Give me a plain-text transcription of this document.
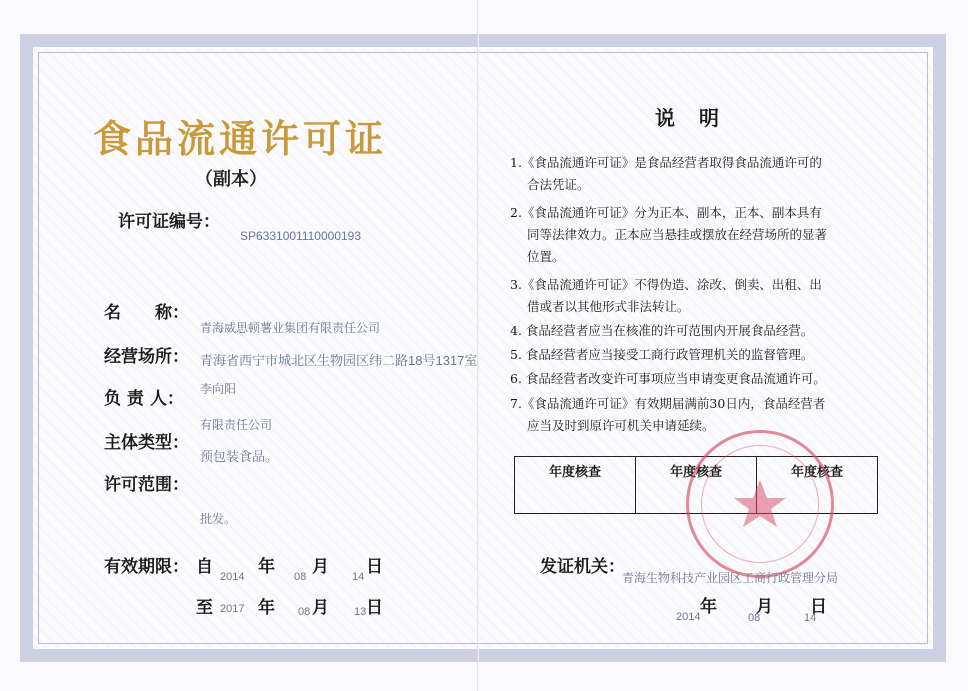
食品流通许可证
（副本）
许可证编号：
SP6331001110000193
名　　称：
青海威思顿薯业集团有限责任公司
经营场所： 青海省西宁市城北区生物园区纬二路18号1317室
负 责 人： 李向阳
主体类型：
有限责任公司
预包装食品。
许可范围：
批发。
有效期限： 自	年 月 日
2014	08	14
至	年 月 日
2017	08	13
说　明
1.《食品流通许可证》是食品经营者取得食品流通许可的
合法凭证。
2.《食品流通许可证》分为正本、副本，正本、副本具有
同等法律效力。正本应当悬挂或摆放在经营场所的显著
位置。
3.《食品流通许可证》不得伪造、涂改、倒卖、出租、出
借或者以其他形式非法转让。
4. 食品经营者应当在核准的许可范围内开展食品经营。
5. 食品经营者应当接受工商行政管理机关的监督管理。
6. 食品经营者改变许可事项应当申请变更食品流通许可。
7.《食品流通许可证》有效期届满前30日内，食品经营者
应当及时到原许可机关申请延续。
年度核查	年度核查	年度核查
发证机关：
青海生物科技产业园区工商行政管理分局
年 月 日
2014	08	14
